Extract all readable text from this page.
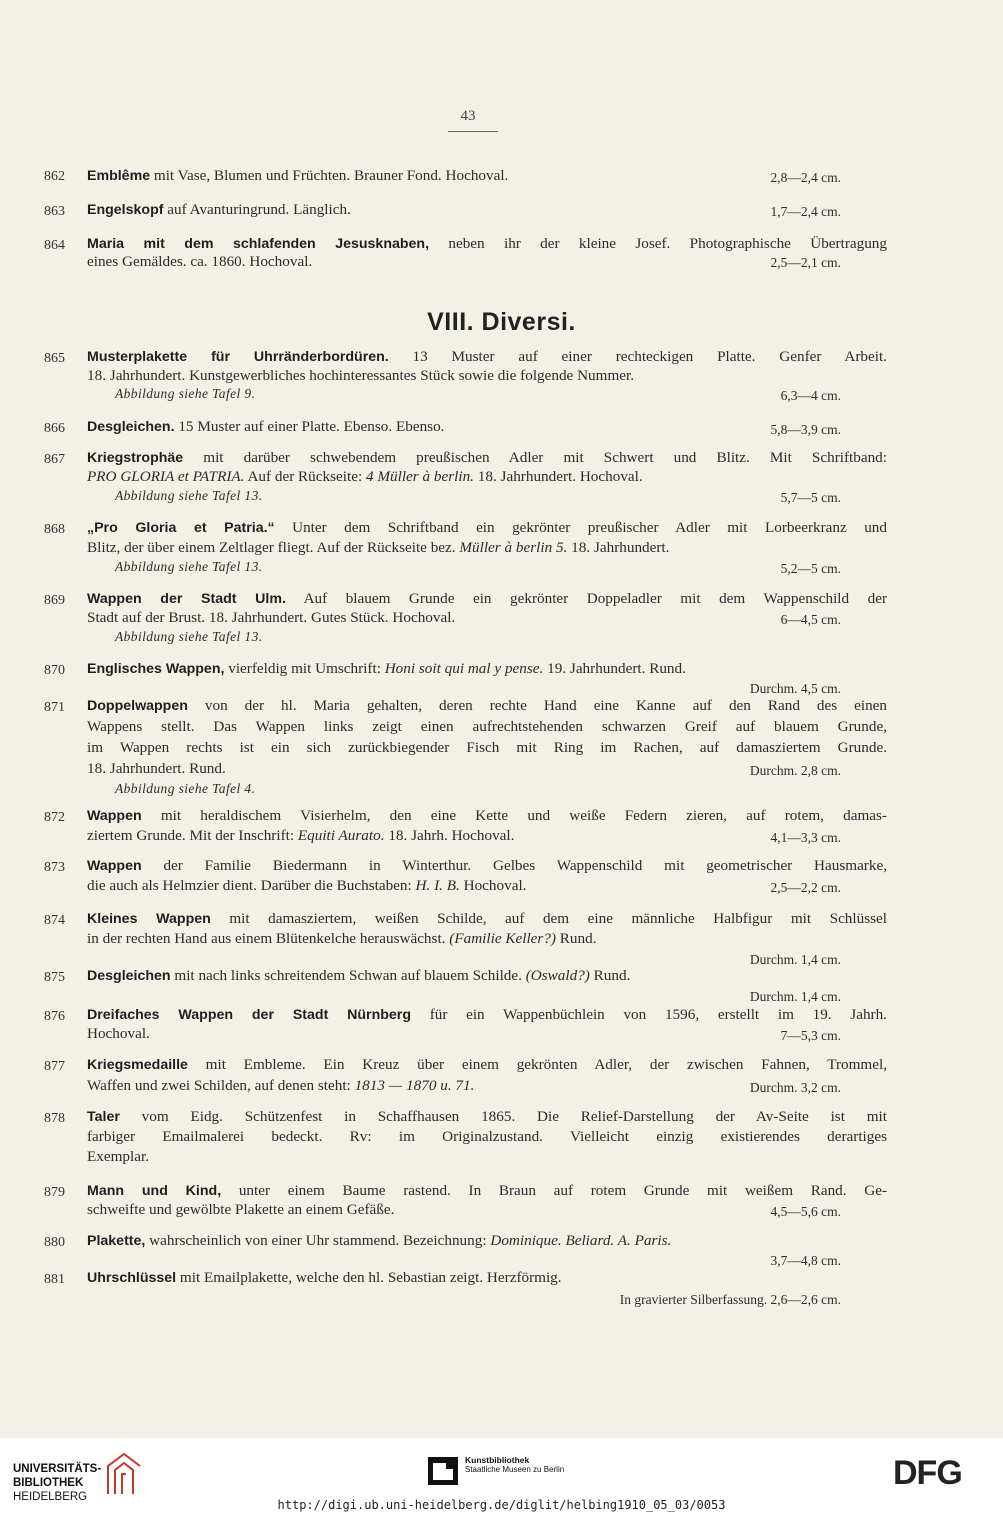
43
862 Emblême mit Vase, Blumen und Früchten. Brauner Fond. Hochoval.	2,8—2,4 cm.
863 Engelskopf auf Avanturingrund. Länglich.	1,7—2,4 cm.
864 Maria mit dem schlafenden Jesusknaben, neben ihr der kleine Josef. Photographische Übertragung
eines Gemäldes. ca. 1860. Hochoval.	2,5—2,1 cm.
VIII. Diversi.
865 Musterplakette für Uhrränderbordüren. 13 Muster auf einer rechteckigen Platte. Genfer Arbeit.
18. Jahrhundert. Kunstgewerbliches hochinteressantes Stück sowie die folgende Nummer.
Abbildung siehe Tafel 9.	6,3—4 cm.
866 Desgleichen. 15 Muster auf einer Platte. Ebenso. Ebenso.	5,8—3,9 cm.
867 Kriegstrophäe mit darüber schwebendem preußischen Adler mit Schwert und Blitz. Mit Schriftband:
PRO GLORIA et PATRIA. Auf der Rückseite: 4 Müller à berlin. 18. Jahrhundert. Hochoval.
Abbildung siehe Tafel 13.	5,7—5 cm.
868 „Pro Gloria et Patria.“ Unter dem Schriftband ein gekrönter preußischer Adler mit Lorbeerkranz und
Blitz, der über einem Zeltlager fliegt. Auf der Rückseite bez. Müller à berlin 5. 18. Jahrhundert.
Abbildung siehe Tafel 13.	5,2—5 cm.
869 Wappen der Stadt Ulm. Auf blauem Grunde ein gekrönter Doppeladler mit dem Wappenschild der
Stadt auf der Brust. 18. Jahrhundert. Gutes Stück. Hochoval.	6—4,5 cm.
Abbildung siehe Tafel 13.
870 Englisches Wappen, vierfeldig mit Umschrift: Honi soit qui mal y pense. 19. Jahrhundert. Rund.
Durchm. 4,5 cm.
871 Doppelwappen von der hl. Maria gehalten, deren rechte Hand eine Kanne auf den Rand des einen
Wappens stellt. Das Wappen links zeigt einen aufrechtstehenden schwarzen Greif auf blauem Grunde,
im Wappen rechts ist ein sich zurückbiegender Fisch mit Ring im Rachen, auf damasziertem Grunde.
18. Jahrhundert. Rund.	Durchm. 2,8 cm.
Abbildung siehe Tafel 4.
872 Wappen mit heraldischem Visierhelm, den eine Kette und weiße Federn zieren, auf rotem, damas-
ziertem Grunde. Mit der Inschrift: Equiti Aurato. 18. Jahrh. Hochoval.	4,1—3,3 cm.
873 Wappen der Familie Biedermann in Winterthur. Gelbes Wappenschild mit geometrischer Hausmarke,
die auch als Helmzier dient. Darüber die Buchstaben: H. I. B. Hochoval.	2,5—2,2 cm.
874 Kleines Wappen mit damasziertem, weißen Schilde, auf dem eine männliche Halbfigur mit Schlüssel
in der rechten Hand aus einem Blütenkelche herauswächst. (Familie Keller?) Rund.
Durchm. 1,4 cm.
875 Desgleichen mit nach links schreitendem Schwan auf blauem Schilde. (Oswald?) Rund.
Durchm. 1,4 cm.
876 Dreifaches Wappen der Stadt Nürnberg für ein Wappenbüchlein von 1596, erstellt im 19. Jahrh.
Hochoval.	7—5,3 cm.
877 Kriegsmedaille mit Embleme. Ein Kreuz über einem gekrönten Adler, der zwischen Fahnen, Trommel,
Waffen und zwei Schilden, auf denen steht: 1813 — 1870 u. 71.	Durchm. 3,2 cm.
878 Taler vom Eidg. Schützenfest in Schaffhausen 1865. Die Relief-Darstellung der Av-Seite ist mit
farbiger Emailmalerei bedeckt. Rv: im Originalzustand. Vielleicht einzig existierendes derartiges
Exemplar.
879 Mann und Kind, unter einem Baume rastend. In Braun auf rotem Grunde mit weißem Rand. Ge-
schweifte und gewölbte Plakette an einem Gefäße.	4,5—5,6 cm.
880 Plakette, wahrscheinlich von einer Uhr stammend. Bezeichnung: Dominique. Beliard. A. Paris.
3,7—4,8 cm.
881 Uhrschlüssel mit Emailplakette, welche den hl. Sebastian zeigt. Herzförmig.
In gravierter Silberfassung. 2,6—2,6 cm.
UNIVERSITÄTS-
BIBLIOTHEK
HEIDELBERG
Kunstbibliothek
Staatliche Museen zu Berlin	DFG
http://digi.ub.uni-heidelberg.de/diglit/helbing1910_05_03/0053
